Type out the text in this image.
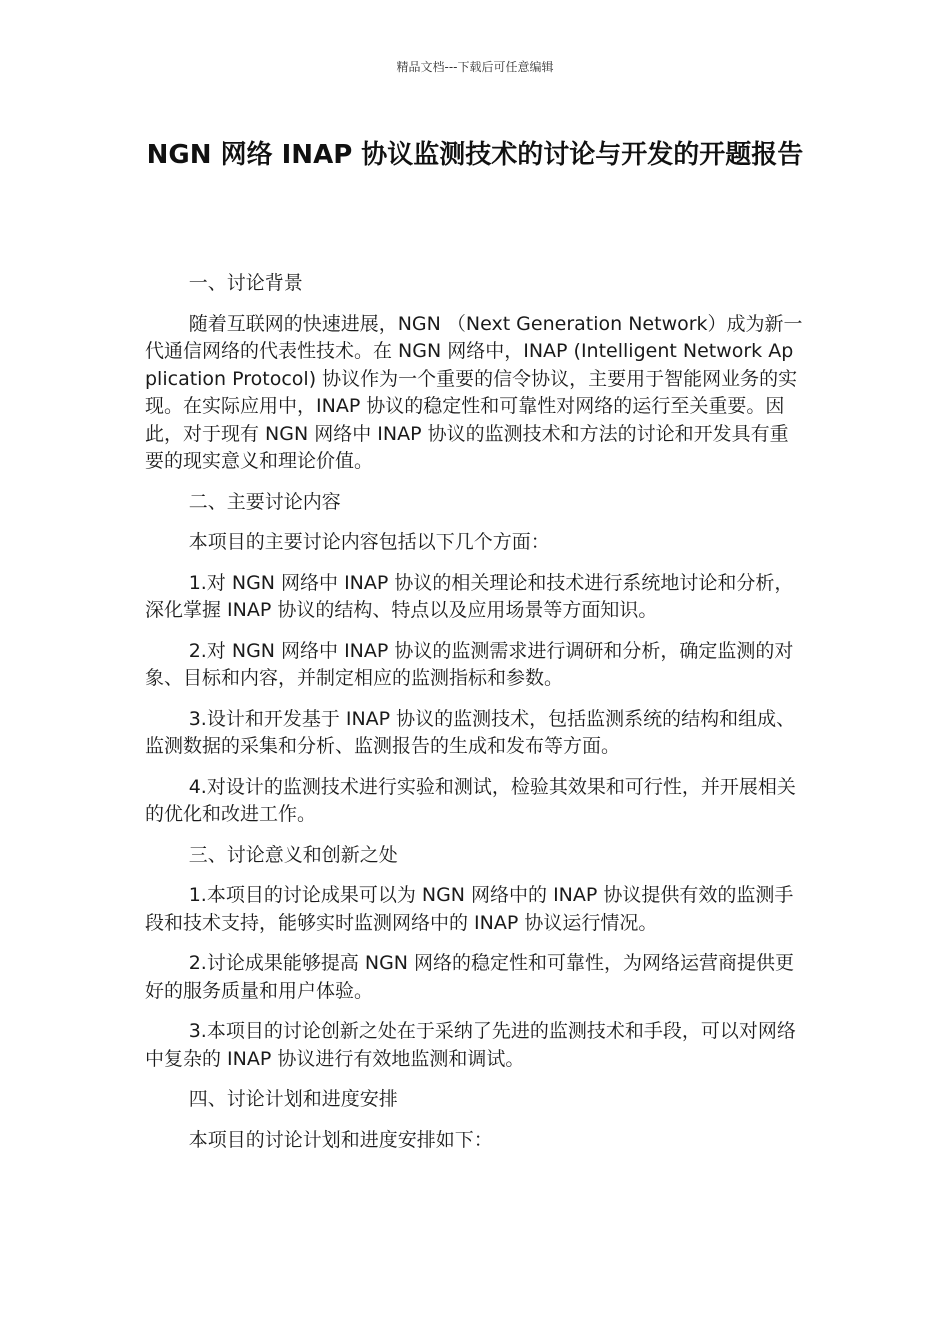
精品文档---下载后可任意编辑
NGN 网络 INAP 协议监测技术的讨论与开发的开题报告

一、讨论背景

随着互联网的快速进展，NGN （Next Generation Network）成为新一代通信网络的代表性技术。在 NGN 网络中，INAP (Intelligent Network Application Protocol) 协议作为一个重要的信令协议，主要用于智能网业务的实现。在实际应用中，INAP 协议的稳定性和可靠性对网络的运行至关重要。因此，对于现有 NGN 网络中 INAP 协议的监测技术和方法的讨论和开发具有重要的现实意义和理论价值。

二、主要讨论内容

本项目的主要讨论内容包括以下几个方面：

1.对 NGN 网络中 INAP 协议的相关理论和技术进行系统地讨论和分析，深化掌握 INAP 协议的结构、特点以及应用场景等方面知识。

2.对 NGN 网络中 INAP 协议的监测需求进行调研和分析，确定监测的对象、目标和内容，并制定相应的监测指标和参数。

3.设计和开发基于 INAP 协议的监测技术，包括监测系统的结构和组成、监测数据的采集和分析、监测报告的生成和发布等方面。

4.对设计的监测技术进行实验和测试，检验其效果和可行性，并开展相关的优化和改进工作。

三、讨论意义和创新之处

1.本项目的讨论成果可以为 NGN 网络中的 INAP 协议提供有效的监测手段和技术支持，能够实时监测网络中的 INAP 协议运行情况。

2.讨论成果能够提高 NGN 网络的稳定性和可靠性，为网络运营商提供更好的服务质量和用户体验。

3.本项目的讨论创新之处在于采纳了先进的监测技术和手段，可以对网络中复杂的 INAP 协议进行有效地监测和调试。

四、讨论计划和进度安排

本项目的讨论计划和进度安排如下：
